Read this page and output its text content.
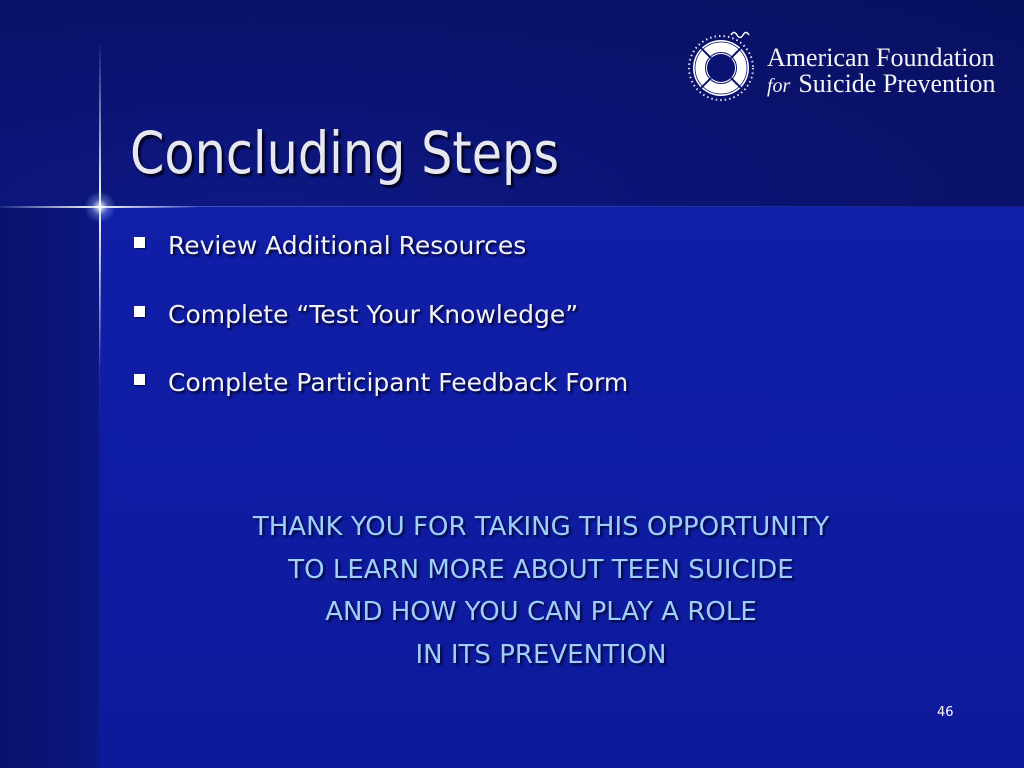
American Foundation
for Suicide Prevention
Concluding Steps
Review Additional Resources
Complete “Test Your Knowledge”
Complete Participant Feedback Form
THANK YOU FOR TAKING THIS OPPORTUNITY
TO LEARN MORE ABOUT TEEN SUICIDE
AND HOW YOU CAN PLAY A ROLE
IN ITS PREVENTION
46
